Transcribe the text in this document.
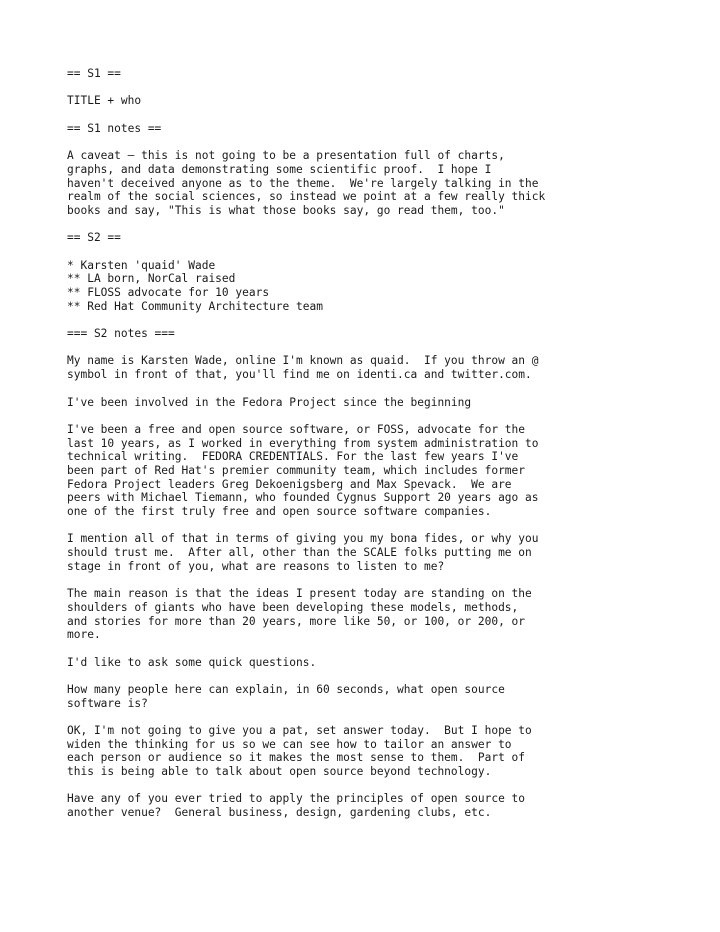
== S1 ==
TITLE + who
== S1 notes ==
A caveat — this is not going to be a presentation full of charts,
graphs, and data demonstrating some scientific proof.  I hope I
haven't deceived anyone as to the theme.  We're largely talking in the
realm of the social sciences, so instead we point at a few really thick
books and say, "This is what those books say, go read them, too."
== S2 ==
* Karsten 'quaid' Wade
** LA born, NorCal raised
** FLOSS advocate for 10 years
** Red Hat Community Architecture team
=== S2 notes ===
My name is Karsten Wade, online I'm known as quaid.  If you throw an @
symbol in front of that, you'll find me on identi.ca and twitter.com.
I've been involved in the Fedora Project since the beginning
I've been a free and open source software, or FOSS, advocate for the
last 10 years, as I worked in everything from system administration to
technical writing.  FEDORA CREDENTIALS. For the last few years I've
been part of Red Hat's premier community team, which includes former
Fedora Project leaders Greg Dekoenigsberg and Max Spevack.  We are
peers with Michael Tiemann, who founded Cygnus Support 20 years ago as
one of the first truly free and open source software companies.
I mention all of that in terms of giving you my bona fides, or why you
should trust me.  After all, other than the SCALE folks putting me on
stage in front of you, what are reasons to listen to me?
The main reason is that the ideas I present today are standing on the
shoulders of giants who have been developing these models, methods,
and stories for more than 20 years, more like 50, or 100, or 200, or
more.
I'd like to ask some quick questions.
How many people here can explain, in 60 seconds, what open source
software is?
OK, I'm not going to give you a pat, set answer today.  But I hope to
widen the thinking for us so we can see how to tailor an answer to
each person or audience so it makes the most sense to them.  Part of
this is being able to talk about open source beyond technology.
Have any of you ever tried to apply the principles of open source to
another venue?  General business, design, gardening clubs, etc.
